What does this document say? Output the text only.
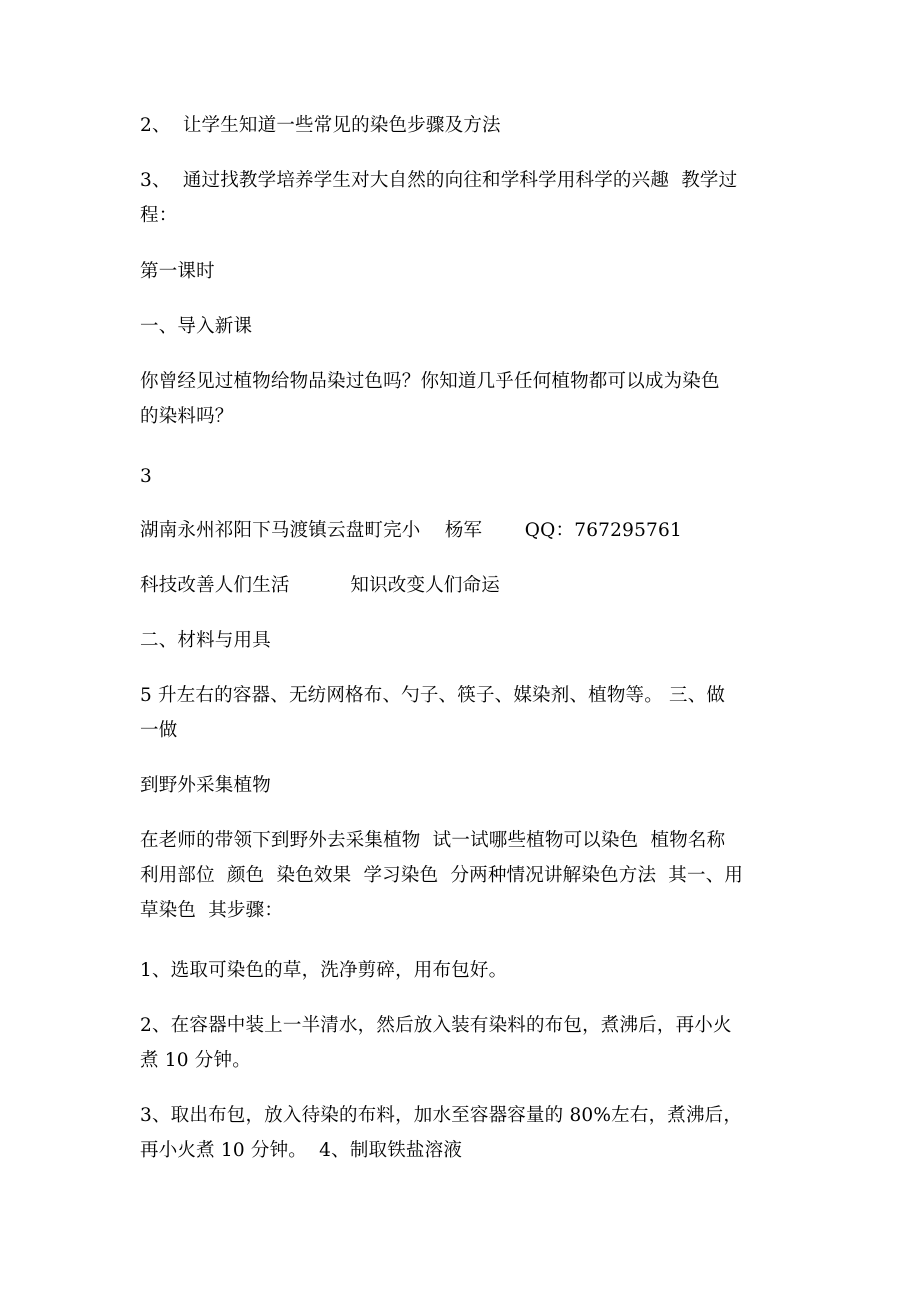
2、  让学生知道一些常见的染色步骤及方法
3、  通过找教学培养学生对大自然的向往和学科学用科学的兴趣  教学过
程：
第一课时
一、导入新课
你曾经见过植物给物品染过色吗？你知道几乎任何植物都可以成为染色
的染料吗？
3
湖南永州祁阳下马渡镇云盘町完小    杨军       QQ：767295761
科技改善人们生活          知识改变人们命运
二、材料与用具
5 升左右的容器、无纺网格布、勺子、筷子、媒染剂、植物等。 三、做
一做
到野外采集植物
在老师的带领下到野外去采集植物  试一试哪些植物可以染色  植物名称
利用部位  颜色  染色效果  学习染色  分两种情况讲解染色方法  其一、用
草染色  其步骤：
1、选取可染色的草，洗净剪碎，用布包好。
2、在容器中装上一半清水，然后放入装有染料的布包，煮沸后，再小火
煮 10 分钟。
3、取出布包，放入待染的布料，加水至容器容量的 80%左右，煮沸后，
再小火煮 10 分钟。  4、制取铁盐溶液
